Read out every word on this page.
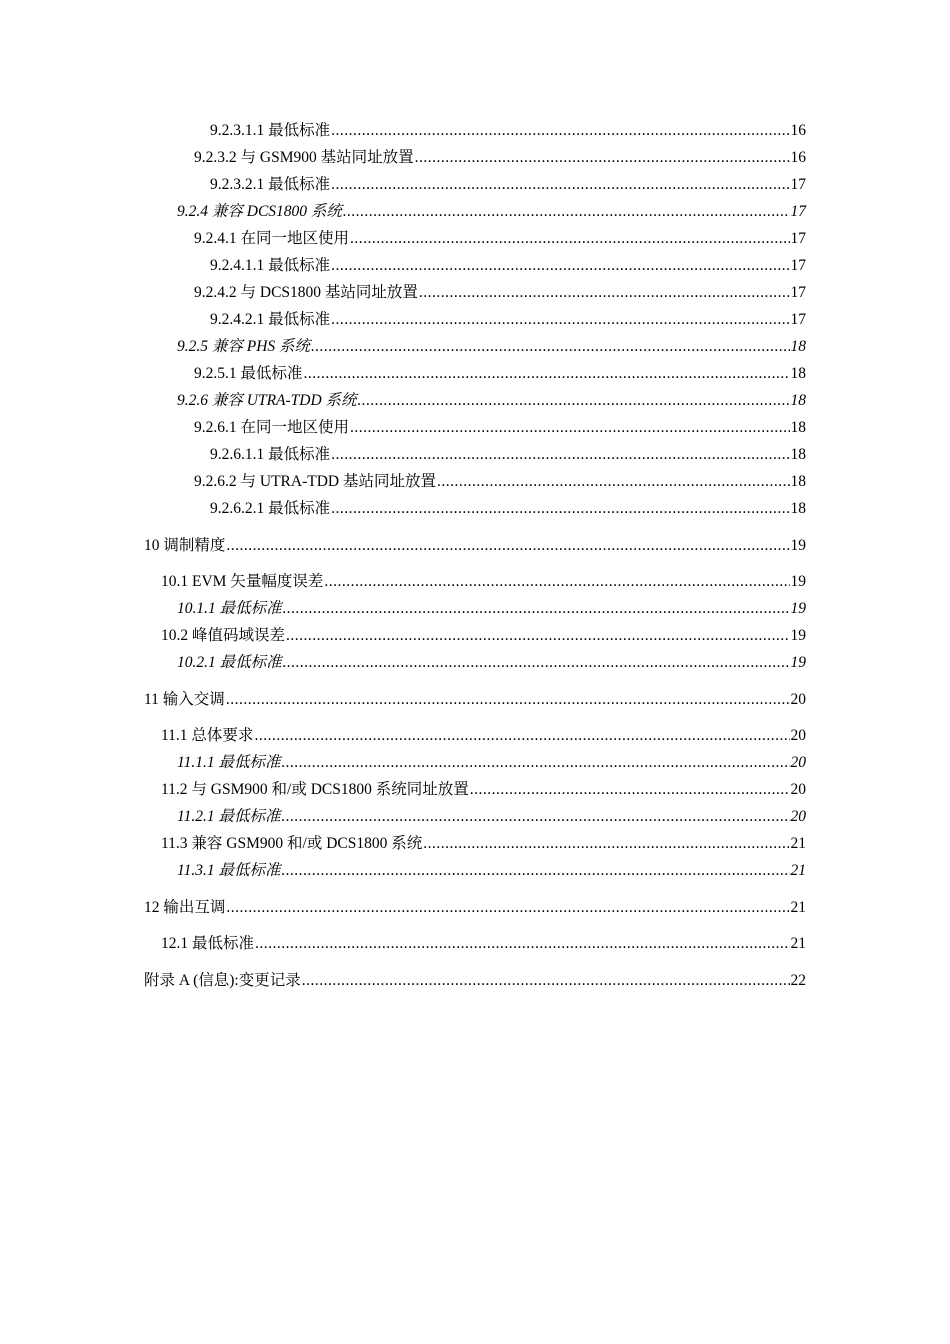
9.2.3.1.1 最低标准 .....	16
9.2.3.2 与 GSM900 基站同址放置 .....	16
9.2.3.2.1 最低标准 .....	17
9.2.4 兼容 DCS1800 系统 .....	17
9.2.4.1 在同一地区使用 .....	17
9.2.4.1.1 最低标准 .....	17
9.2.4.2 与 DCS1800 基站同址放置 .....	17
9.2.4.2.1 最低标准 .....	17
9.2.5 兼容 PHS 系统 .....	18
9.2.5.1 最低标准 .....	18
9.2.6 兼容 UTRA-TDD 系统 .....	18
9.2.6.1 在同一地区使用 .....	18
9.2.6.1.1 最低标准 .....	18
9.2.6.2 与 UTRA-TDD 基站同址放置 .....	18
9.2.6.2.1 最低标准 .....	18
10 调制精度 .....	19
10.1 EVM 矢量幅度误差 .....	19
10.1.1 最低标准 .....	19
10.2 峰值码域误差 .....	19
10.2.1 最低标准 .....	19
11 输入交调 .....	20
11.1 总体要求 .....	20
11.1.1 最低标准 .....	20
11.2 与 GSM900 和/或 DCS1800 系统同址放置 .....	20
11.2.1 最低标准 .....	20
11.3 兼容 GSM900 和/或 DCS1800 系统 .....	21
11.3.1 最低标准 .....	21
12 输出互调 .....	21
12.1 最低标准 .....	21
附录 A (信息):变更记录 .....	22
